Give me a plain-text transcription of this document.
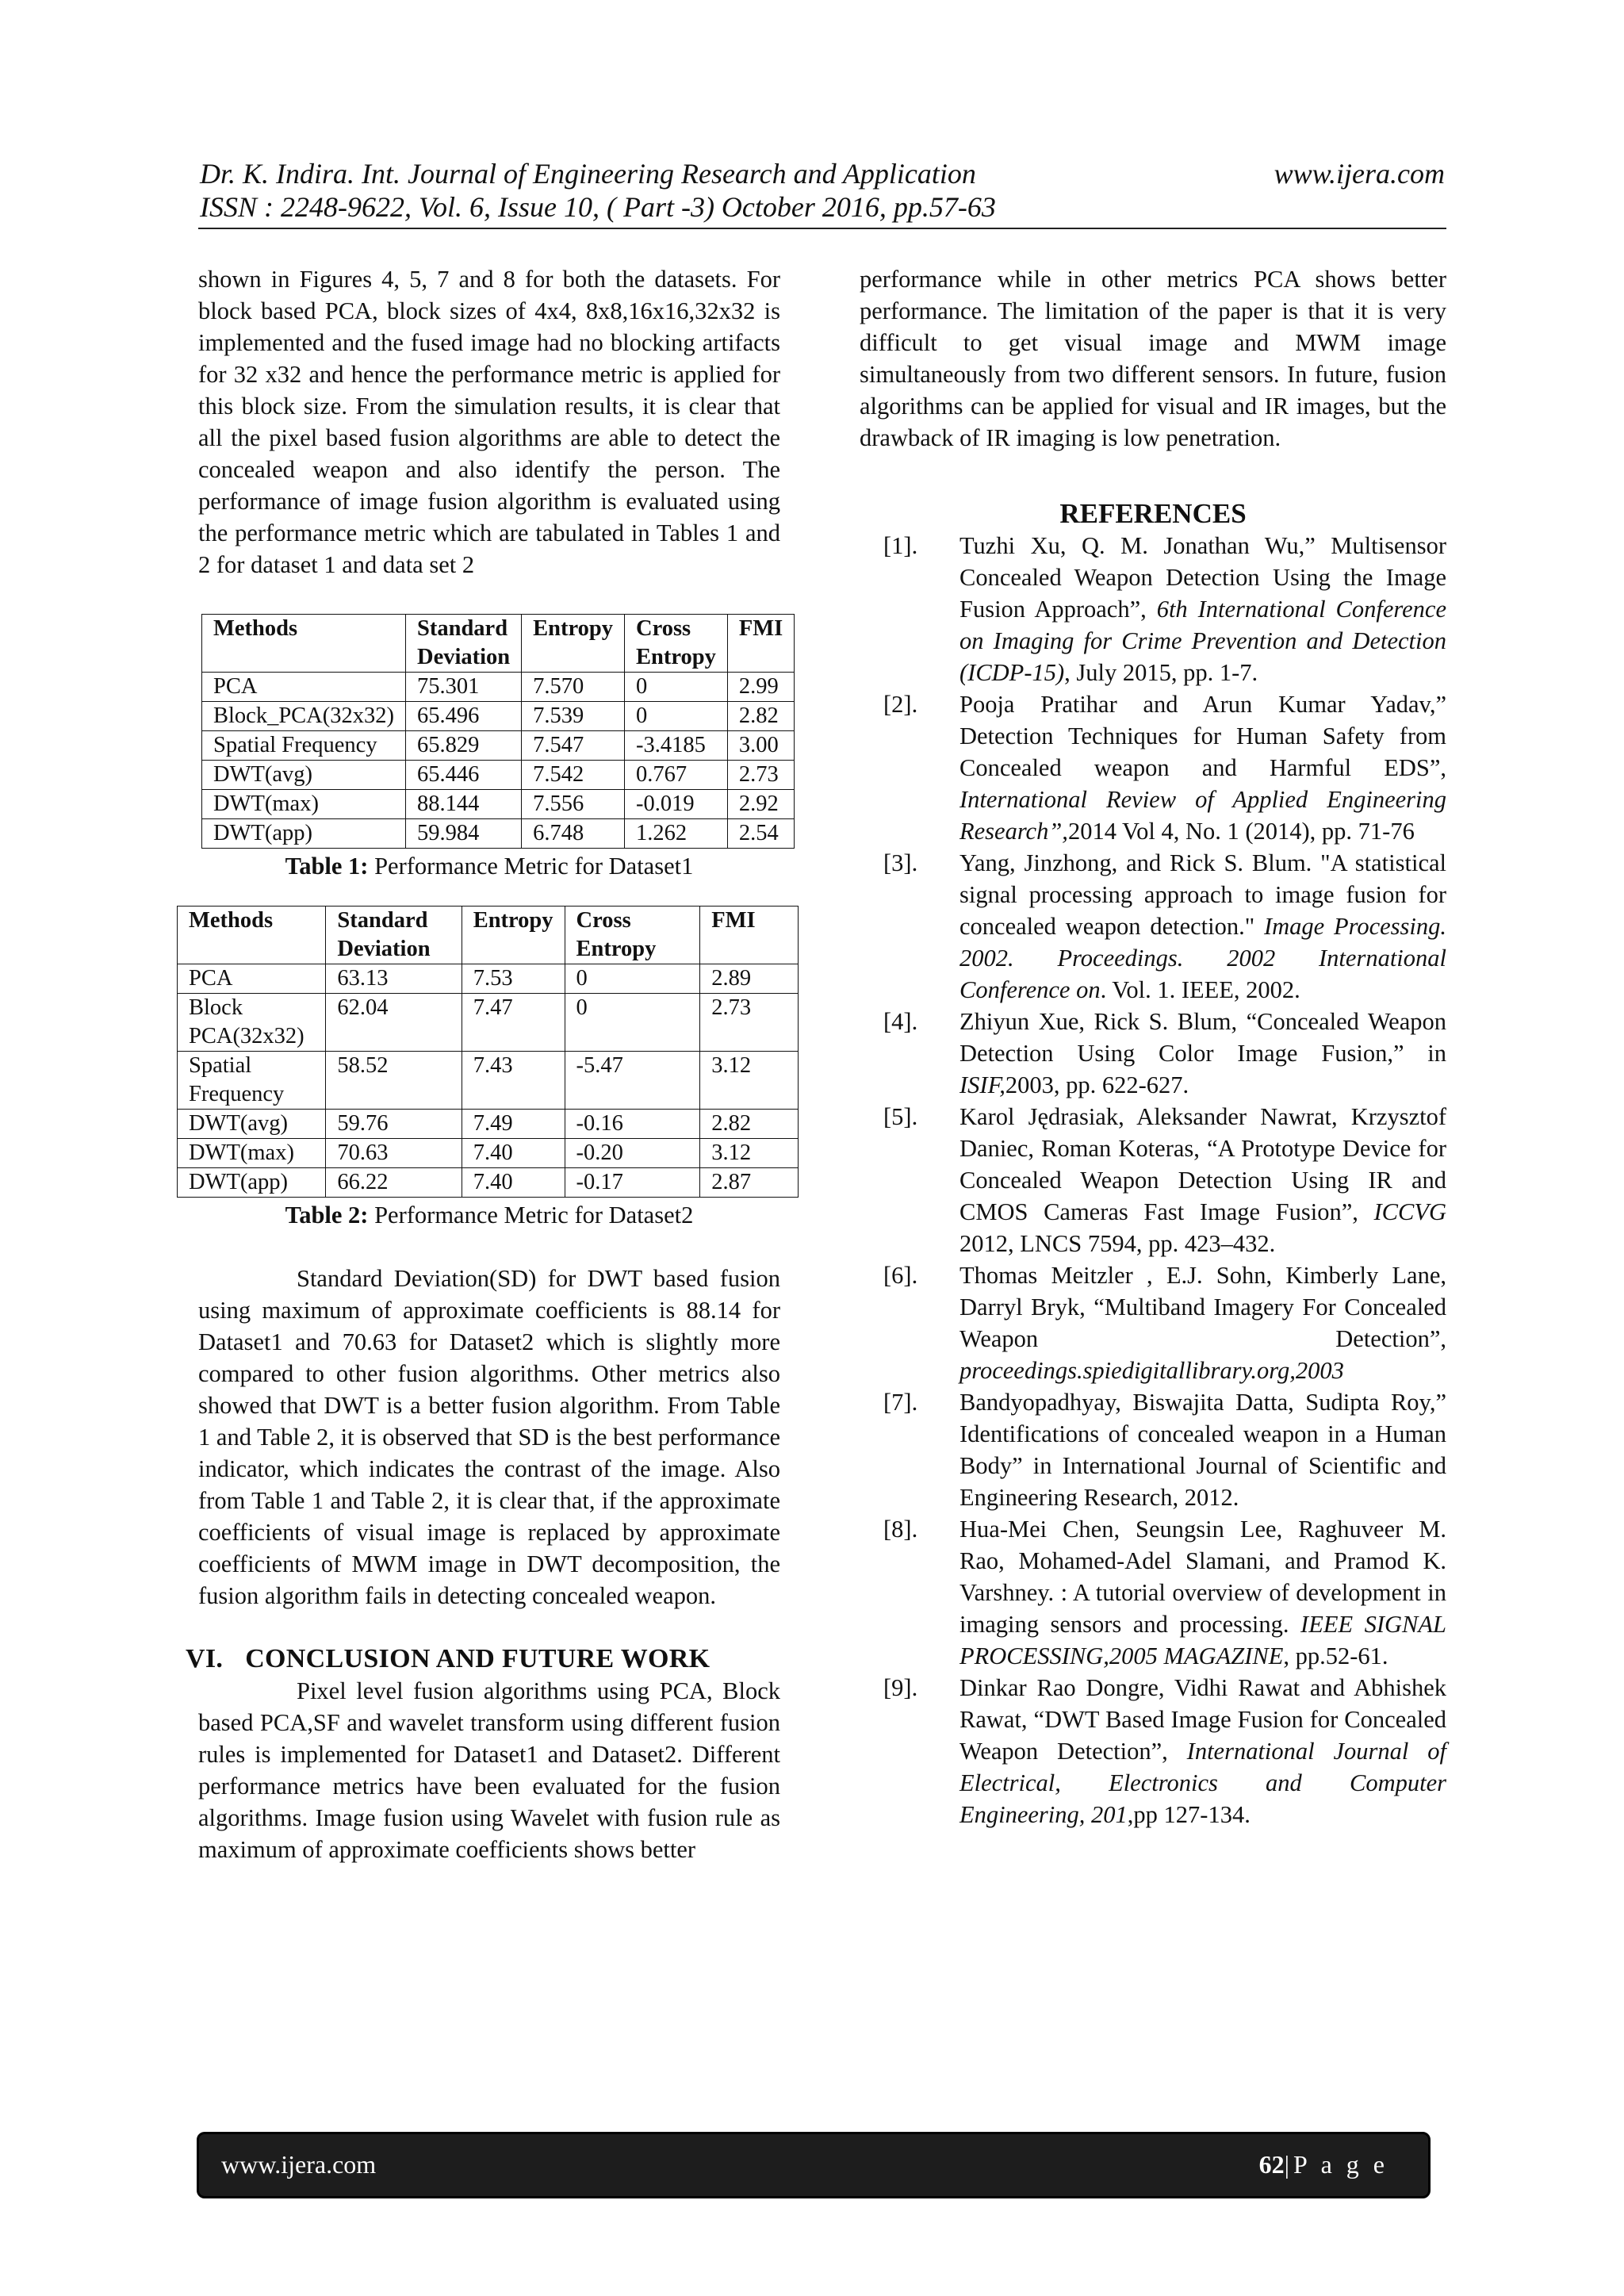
Dr. K. Indira. Int. Journal of Engineering Research and Application
ISSN : 2248-9622, Vol. 6, Issue 10, ( Part -3) October 2016, pp.57-63
www.ijera.com

shown in Figures 4, 5, 7 and 8 for both the datasets. For block based PCA, block sizes of 4x4, 8x8,16x16,32x32 is implemented and the fused image had no blocking artifacts for 32 x32 and hence the performance metric is applied for this block size. From the simulation results, it is clear that all the pixel based fusion algorithms are able to detect the concealed weapon and also identify the person. The performance of image fusion algorithm is evaluated using the performance metric which are tabulated in Tables 1 and 2 for dataset 1 and data set 2

Methods	Standard Deviation	Entropy	Cross Entropy	FMI
PCA	75.301	7.570	0	2.99
Block_PCA(32x32)	65.496	7.539	0	2.82
Spatial Frequency	65.829	7.547	-3.4185	3.00
DWT(avg)	65.446	7.542	0.767	2.73
DWT(max)	88.144	7.556	-0.019	2.92
DWT(app)	59.984	6.748	1.262	2.54
Table 1: Performance Metric for Dataset1
Methods	Standard Deviation	Entropy	Cross Entropy	FMI
PCA	63.13	7.53	0	2.89
Block PCA(32x32)	62.04	7.47	0	2.73
Spatial Frequency	58.52	7.43	-5.47	3.12
DWT(avg)	59.76	7.49	-0.16	2.82
DWT(max)	70.63	7.40	-0.20	3.12
DWT(app)	66.22	7.40	-0.17	2.87
Table 2: Performance Metric for Dataset2

Standard Deviation(SD) for DWT based fusion using maximum of approximate coefficients is 88.14 for Dataset1 and 70.63 for Dataset2 which is slightly more compared to other fusion algorithms. Other metrics also showed that DWT is a better fusion algorithm. From Table 1 and Table 2, it is observed that SD is the best performance indicator, which indicates the contrast of the image. Also from Table 1 and Table 2, it is clear that, if the approximate coefficients of visual image is replaced by approximate coefficients of MWM image in DWT decomposition, the fusion algorithm fails in detecting concealed weapon.

VI. CONCLUSION AND FUTURE WORK

Pixel level fusion algorithms using PCA, Block based PCA,SF and wavelet transform using different fusion rules is implemented for Dataset1 and Dataset2. Different performance metrics have been evaluated for the fusion algorithms. Image fusion using Wavelet with fusion rule as maximum of approximate coefficients shows better

performance while in other metrics PCA shows better performance. The limitation of the paper is that it is very difficult to get visual image and MWM image simultaneously from two different sensors. In future, fusion algorithms can be applied for visual and IR images, but the drawback of IR imaging is low penetration.

REFERENCES

[1]. Tuzhi Xu, Q. M. Jonathan Wu,” Multisensor Concealed Weapon Detection Using the Image Fusion Approach”, 6th International Conference on Imaging for Crime Prevention and Detection (ICDP-15), July 2015, pp. 1-7.

[2]. Pooja Pratihar and Arun Kumar Yadav,” Detection Techniques for Human Safety from Concealed weapon and Harmful EDS”, International Review of Applied Engineering Research”,2014 Vol 4, No. 1 (2014), pp. 71-76

[3]. Yang, Jinzhong, and Rick S. Blum. "A statistical signal processing approach to image fusion for concealed weapon detection." Image Processing. 2002. Proceedings. 2002 International Conference on. Vol. 1. IEEE, 2002.

[4]. Zhiyun Xue, Rick S. Blum, “Concealed Weapon Detection Using Color Image Fusion,” in ISIF,2003, pp. 622-627.

[5]. Karol Jędrasiak, Aleksander Nawrat, Krzysztof Daniec, Roman Koteras, “A Prototype Device for Concealed Weapon Detection Using IR and CMOS Cameras Fast Image Fusion”, ICCVG 2012, LNCS 7594, pp. 423–432.

[6]. Thomas Meitzler , E.J. Sohn, Kimberly Lane, Darryl Bryk, “Multiband Imagery For Concealed Weapon Detection”, proceedings.spiedigitallibrary.org,2003

[7]. Bandyopadhyay, Biswajita Datta, Sudipta Roy,” Identifications of concealed weapon in a Human Body” in International Journal of Scientific and Engineering Research, 2012.

[8]. Hua-Mei Chen, Seungsin Lee, Raghuveer M. Rao, Mohamed-Adel Slamani, and Pramod K. Varshney. : A tutorial overview of development in imaging sensors and processing. IEEE SIGNAL PROCESSING,2005 MAGAZINE, pp.52-61.

[9]. Dinkar Rao Dongre, Vidhi Rawat and Abhishek Rawat, “DWT Based Image Fusion for Concealed Weapon Detection”, International Journal of Electrical, Electronics and Computer Engineering, 201,pp 127-134.

www.ijera.com	62|P a g e
